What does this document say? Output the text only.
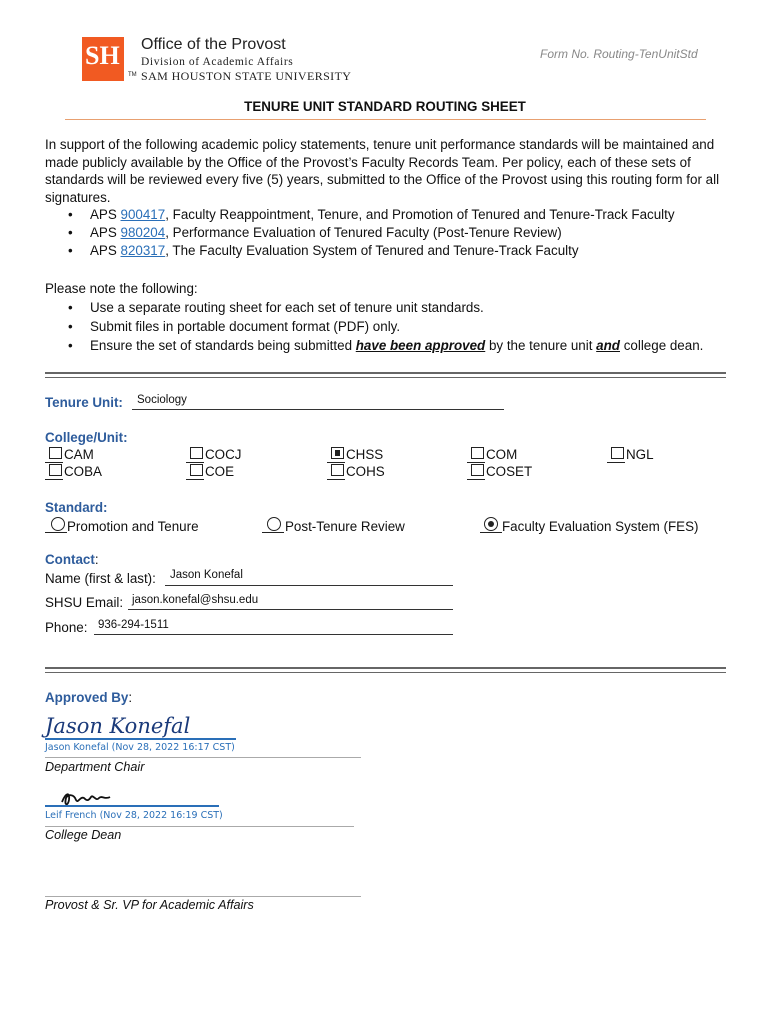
SH Office of the Provost
Division of Academic Affairs
TM SAM HOUSTON STATE UNIVERSITY
Form No. Routing-TenUnitStd
TENURE UNIT STANDARD ROUTING SHEET
In support of the following academic policy statements, tenure unit performance standards will be maintained and made publicly available by the Office of the Provost’s Faculty Records Team. Per policy, each of these sets of standards will be reviewed every five (5) years, submitted to the Office of the Provost using this routing form for all signatures.
• APS 900417, Faculty Reappointment, Tenure, and Promotion of Tenured and Tenure-Track Faculty
• APS 980204, Performance Evaluation of Tenured Faculty (Post-Tenure Review)
• APS 820317, The Faculty Evaluation System of Tenured and Tenure-Track Faculty
Please note the following:
• Use a separate routing sheet for each set of tenure unit standards.
• Submit files in portable document format (PDF) only.
• Ensure the set of standards being submitted have been approved by the tenure unit and college dean.
Tenure Unit: Sociology
College/Unit:
CAM
COBA
COCJ
COE
CHSS
COHS
COM
COSET
NGL
Standard:
Promotion and Tenure	Post-Tenure Review	Faculty Evaluation System (FES)
Contact:
Name (first & last): Jason Konefal
SHSU Email: jason.konefal@shsu.edu
Phone: 936-294-1511
Approved By:
Jason Konefal
Jason Konefal (Nov 28, 2022 16:17 CST)
Department Chair
Leif French (Nov 28, 2022 16:19 CST)
College Dean
Provost & Sr. VP for Academic Affairs
